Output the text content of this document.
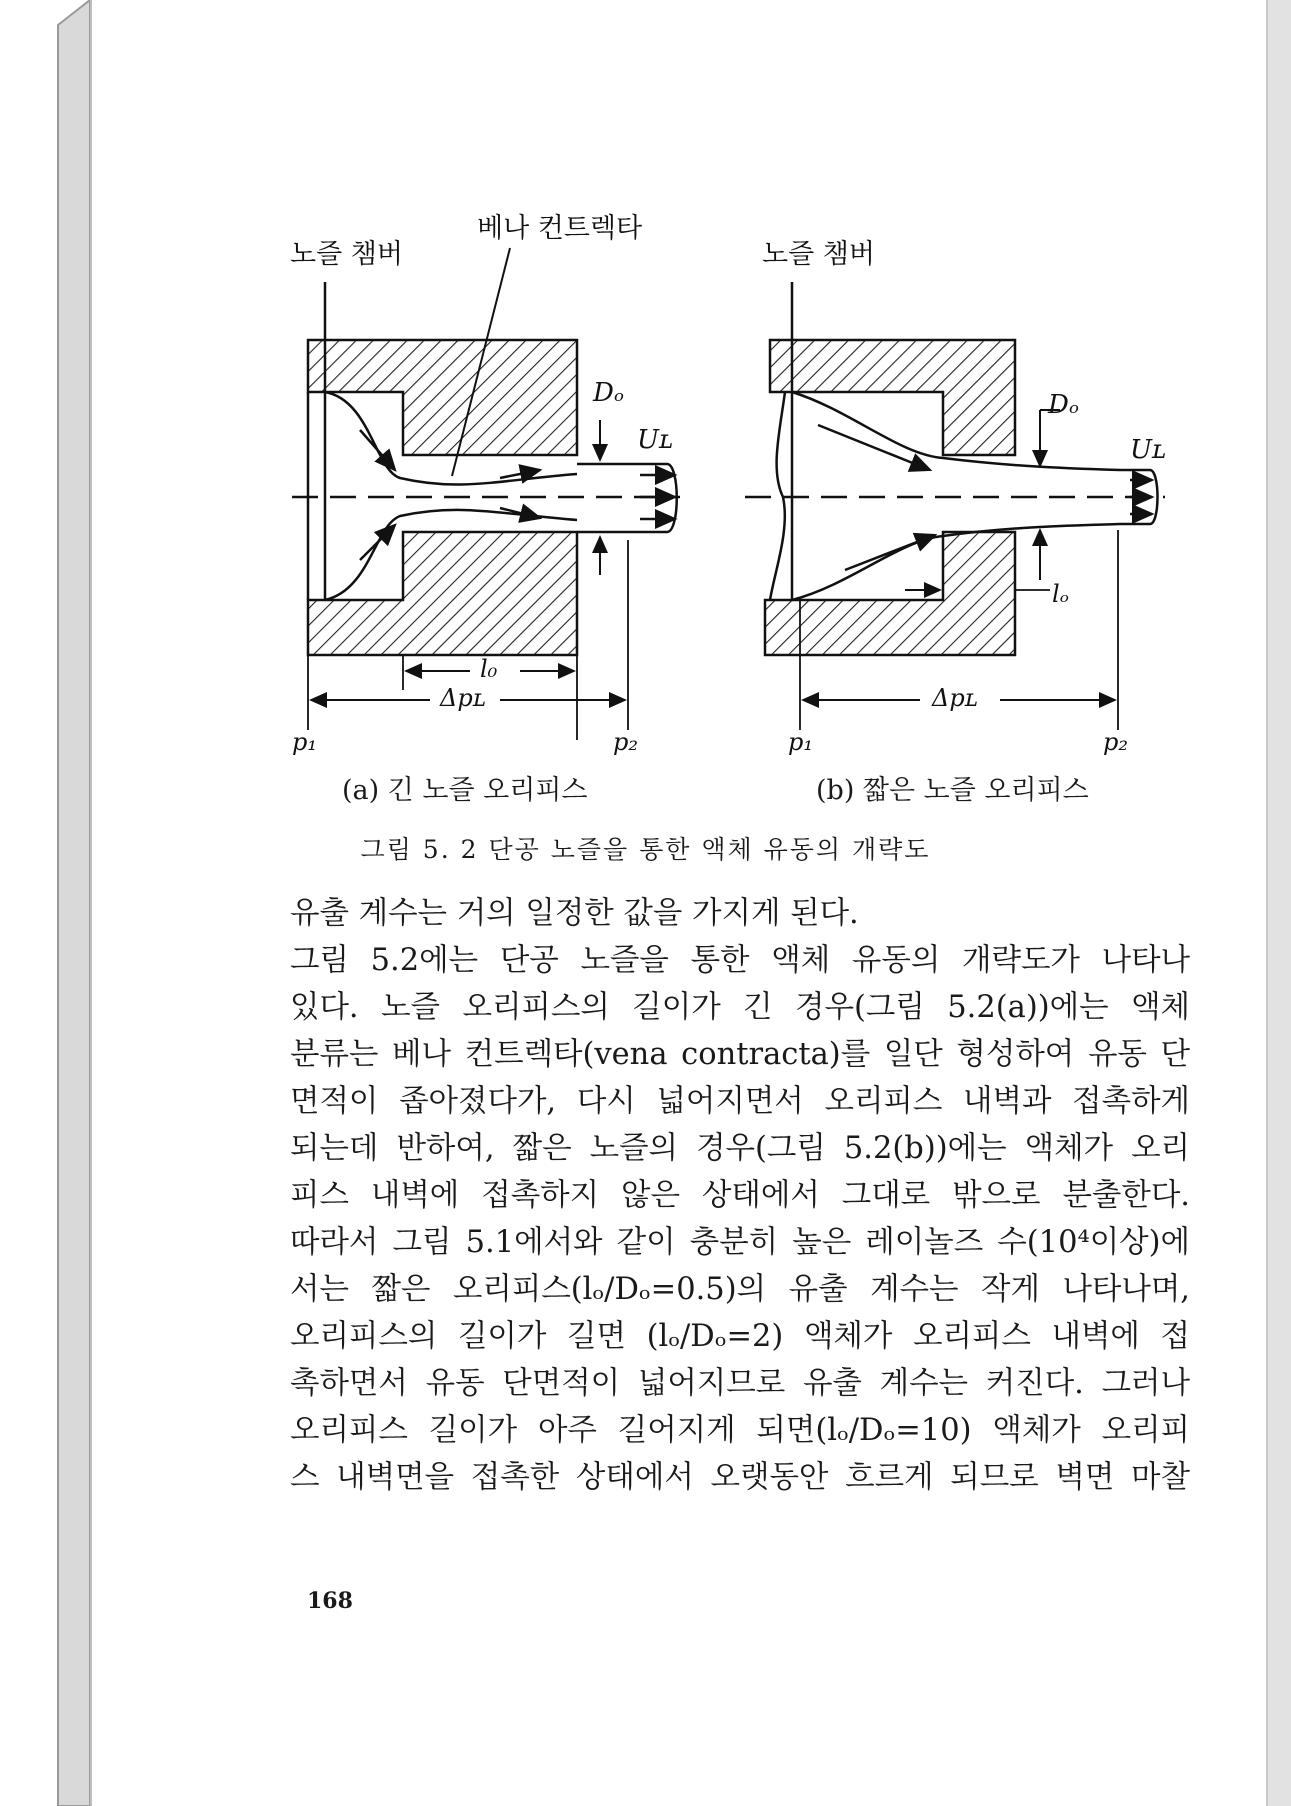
노즐 챔버
베나 컨트렉타
Dₒ
Uʟ
l₀
Δpʟ
p₁	p₂
(a) 긴 노즐 오리피스
노즐 챔버
Dₒ
Uʟ
lₒ
Δpʟ
p₁	p₂
(b) 짧은 노즐 오리피스
그림 5. 2 단공 노즐을 통한 액체 유동의 개략도
유출 계수는 거의 일정한 값을 가지게 된다.
그림 5.2에는 단공 노즐을 통한 액체 유동의 개략도가 나타나
있다. 노즐 오리피스의 길이가 긴 경우(그림 5.2(a))에는 액체
분류는 베나 컨트렉타(vena contracta)를 일단 형성하여 유동 단
면적이 좁아졌다가, 다시 넓어지면서 오리피스 내벽과 접촉하게
되는데 반하여, 짧은 노즐의 경우(그림 5.2(b))에는 액체가 오리
피스 내벽에 접촉하지 않은 상태에서 그대로 밖으로 분출한다.
따라서 그림 5.1에서와 같이 충분히 높은 레이놀즈 수(10⁴이상)에
서는 짧은 오리피스(lₒ/Dₒ=0.5)의 유출 계수는 작게 나타나며,
오리피스의 길이가 길면 (lₒ/Dₒ=2) 액체가 오리피스 내벽에 접
촉하면서 유동 단면적이 넓어지므로 유출 계수는 커진다. 그러나
오리피스 길이가 아주 길어지게 되면(lₒ/Dₒ=10) 액체가 오리피
스 내벽면을 접촉한 상태에서 오랫동안 흐르게 되므로 벽면 마찰
168
